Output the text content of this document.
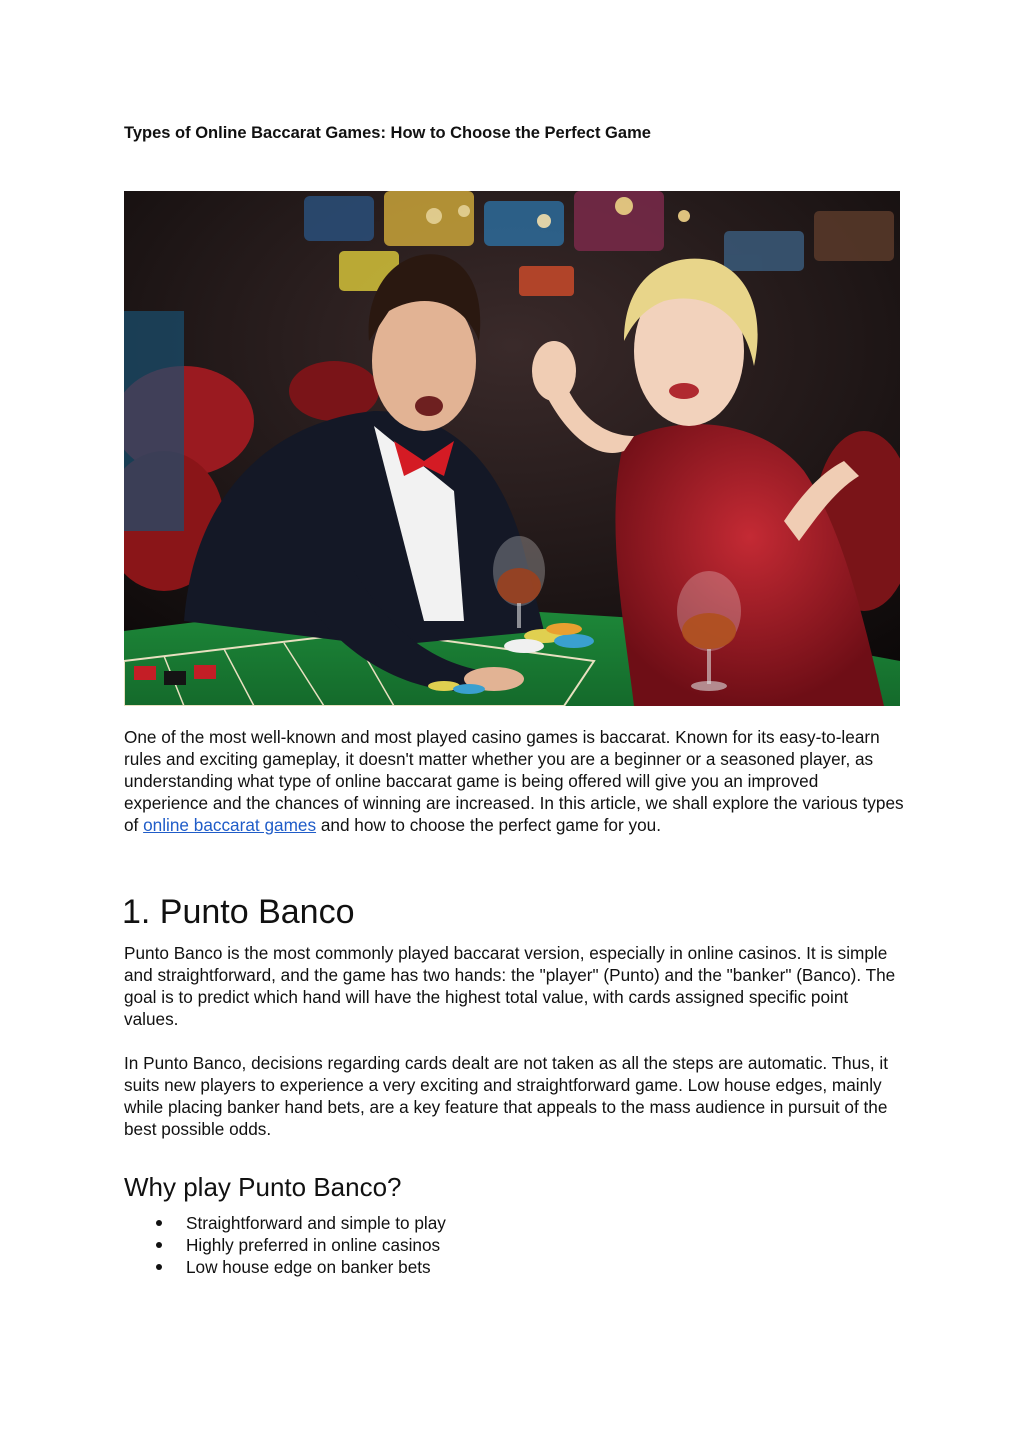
Types of Online Baccarat Games: How to Choose the Perfect Game

One of the most well-known and most played casino games is baccarat. Known for its easy-to-learn rules and exciting gameplay, it doesn't matter whether you are a beginner or a seasoned player, as understanding what type of online baccarat game is being offered will give you an improved experience and the chances of winning are increased. In this article, we shall explore the various types of online baccarat games and how to choose the perfect game for you.

1. Punto Banco

Punto Banco is the most commonly played baccarat version, especially in online casinos. It is simple and straightforward, and the game has two hands: the "player" (Punto) and the "banker" (Banco). The goal is to predict which hand will have the highest total value, with cards assigned specific point values.

In Punto Banco, decisions regarding cards dealt are not taken as all the steps are automatic. Thus, it suits new players to experience a very exciting and straightforward game. Low house edges, mainly while placing banker hand bets, are a key feature that appeals to the mass audience in pursuit of the best possible odds.

Why play Punto Banco?
Straightforward and simple to play
Highly preferred in online casinos
Low house edge on banker bets
